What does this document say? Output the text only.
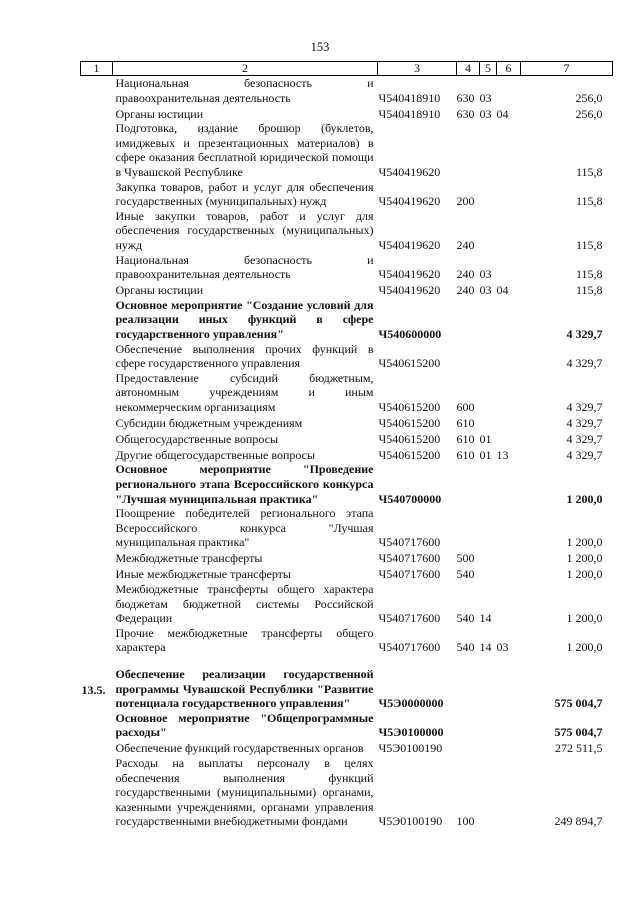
153
1	2	3	4	5	6	7
	Национальная безопасность и правоохранительная деятельность	Ч540418910	630	03		256,0
	Органы юстиции	Ч540418910	630	03	04	256,0
	Подготовка, издание брошюр (буклетов, имиджевых и презентационных материалов) в сфере оказания бесплатной юридической помощи в Чувашской Республике	Ч540419620				115,8
	Закупка товаров, работ и услуг для обеспечения государственных (муниципальных) нужд	Ч540419620	200			115,8
	Иные закупки товаров, работ и услуг для обеспечения государственных (муниципальных) нужд	Ч540419620	240			115,8
	Национальная безопасность и правоохранительная деятельность	Ч540419620	240	03		115,8
	Органы юстиции	Ч540419620	240	03	04	115,8
	Основное мероприятие "Создание условий для реализации иных функций в сфере государственного управления"	Ч540600000				4 329,7
	Обеспечение выполнения прочих функций в сфере государственного управления	Ч540615200				4 329,7
	Предоставление субсидий бюджетным, автономным учреждениям и иным некоммерческим организациям	Ч540615200	600			4 329,7
	Субсидии бюджетным учреждениям	Ч540615200	610			4 329,7
	Общегосударственные вопросы	Ч540615200	610	01		4 329,7
	Другие общегосударственные вопросы	Ч540615200	610	01	13	4 329,7
	Основное мероприятие "Проведение регионального этапа Всероссийского конкурса "Лучшая муниципальная практика"	Ч540700000				1 200,0
	Поощрение победителей регионального этапа Всероссийского конкурса "Лучшая муниципальная практика"	Ч540717600				1 200,0
	Межбюджетные трансферты	Ч540717600	500			1 200,0
	Иные межбюджетные трансферты	Ч540717600	540			1 200,0
	Межбюджетные трансферты общего характера бюджетам бюджетной системы Российской Федерации	Ч540717600	540	14		1 200,0
	Прочие межбюджетные трансферты общего характера	Ч540717600	540	14	03	1 200,0

13.5.	Обеспечение реализации государственной программы Чувашской Республики "Развитие потенциала государственного управления"	Ч5Э0000000				575 004,7
	Основное мероприятие "Общепрограммные расходы"	Ч5Э0100000				575 004,7
	Обеспечение функций государственных органов	Ч5Э0100190				272 511,5
	Расходы на выплаты персоналу в целях обеспечения выполнения функций государственными (муниципальными) органами, казенными учреждениями, органами управления государственными внебюджетными фондами	Ч5Э0100190	100			249 894,7
